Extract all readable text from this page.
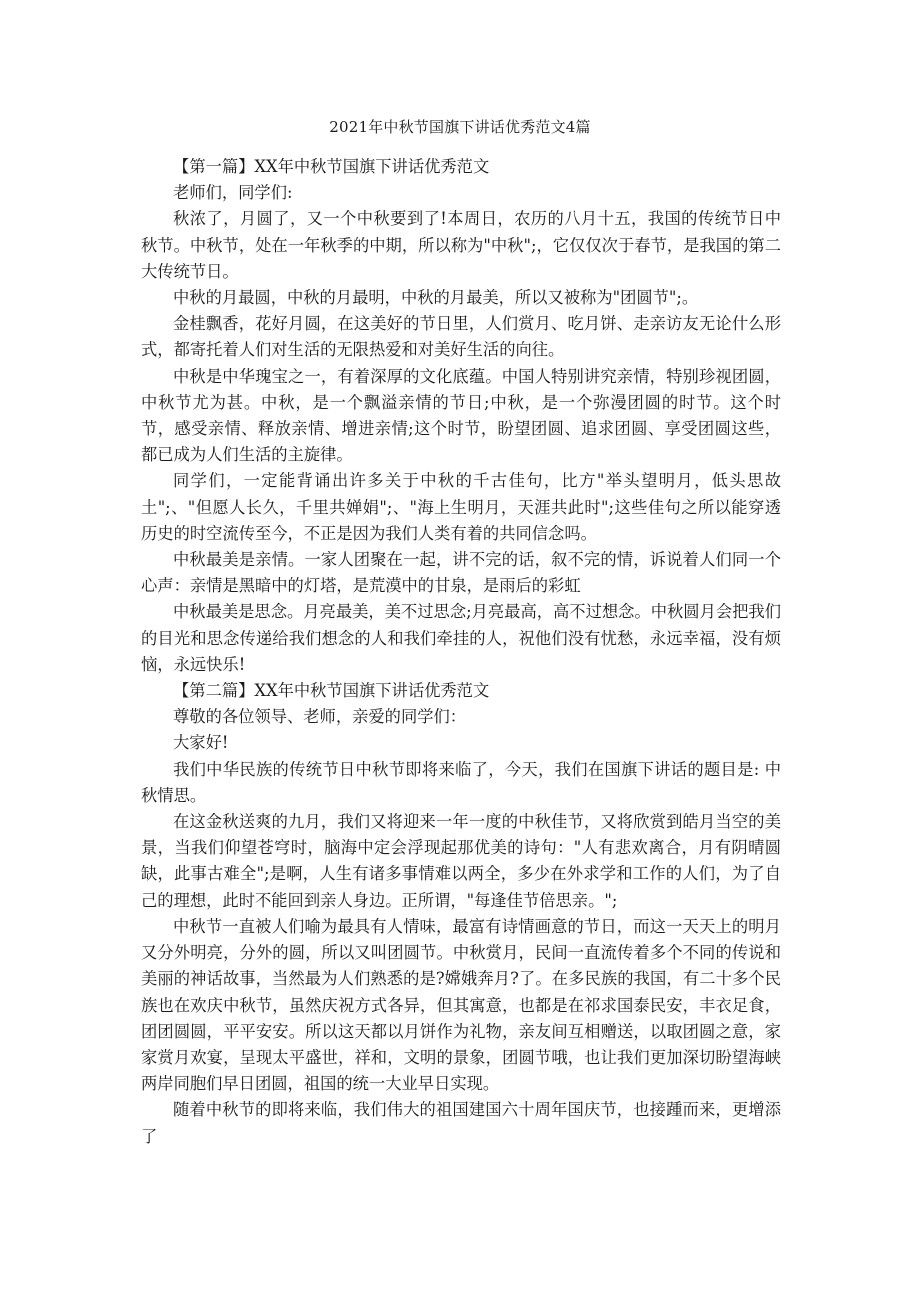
2021年中秋节国旗下讲话优秀范文4篇

【第一篇】XX年中秋节国旗下讲话优秀范文

老师们，同学们:

秋浓了，月圆了，又一个中秋要到了!本周日，农历的八月十五，我国的传统节日中秋节。中秋节，处在一年秋季的中期，所以称为"中秋";，它仅仅次于春节，是我国的第二大传统节日。

中秋的月最圆，中秋的月最明，中秋的月最美，所以又被称为"团圆节";。

金桂飘香，花好月圆，在这美好的节日里，人们赏月、吃月饼、走亲访友无论什么形式，都寄托着人们对生活的无限热爱和对美好生活的向往。

中秋是中华瑰宝之一，有着深厚的文化底蕴。中国人特别讲究亲情，特别珍视团圆，中秋节尤为甚。中秋，是一个飘溢亲情的节日;中秋，是一个弥漫团圆的时节。这个时节，感受亲情、释放亲情、增进亲情;这个时节，盼望团圆、追求团圆、享受团圆这些，都已成为人们生活的主旋律。

同学们，一定能背诵出许多关于中秋的千古佳句，比方"举头望明月，低头思故土";、"但愿人长久，千里共婵娟";、"海上生明月，天涯共此时";这些佳句之所以能穿透历史的时空流传至今，不正是因为我们人类有着的共同信念吗。

中秋最美是亲情。一家人团聚在一起，讲不完的话，叙不完的情，诉说着人们同一个心声：亲情是黑暗中的灯塔，是荒漠中的甘泉，是雨后的彩虹

中秋最美是思念。月亮最美，美不过思念;月亮最高，高不过想念。中秋圆月会把我们的目光和思念传递给我们想念的人和我们牵挂的人，祝他们没有忧愁，永远幸福，没有烦恼，永远快乐!

【第二篇】XX年中秋节国旗下讲话优秀范文

尊敬的各位领导、老师，亲爱的同学们：

大家好!

我们中华民族的传统节日中秋节即将来临了，今天，我们在国旗下讲话的题目是: 中秋情思。

在这金秋送爽的九月，我们又将迎来一年一度的中秋佳节，又将欣赏到皓月当空的美景，当我们仰望苍穹时，脑海中定会浮现起那优美的诗句："人有悲欢离合，月有阴晴圆缺，此事古难全";是啊，人生有诸多事情难以两全，多少在外求学和工作的人们，为了自己的理想，此时不能回到亲人身边。正所谓，"每逢佳节倍思亲。";

中秋节一直被人们喻为最具有人情味，最富有诗情画意的节日，而这一天天上的明月又分外明亮，分外的圆，所以又叫团圆节。中秋赏月，民间一直流传着多个不同的传说和美丽的神话故事，当然最为人们熟悉的是?嫦娥奔月?了。在多民族的我国，有二十多个民族也在欢庆中秋节，虽然庆祝方式各异，但其寓意，也都是在祁求国泰民安，丰衣足食，团团圆圆，平平安安。所以这天都以月饼作为礼物，亲友间互相赠送，以取团圆之意，家家赏月欢宴，呈现太平盛世，祥和，文明的景象，团圆节哦，也让我们更加深切盼望海峡两岸同胞们早日团圆，祖国的统一大业早日实现。

随着中秋节的即将来临，我们伟大的祖国建国六十周年国庆节，也接踵而来，更增添了
